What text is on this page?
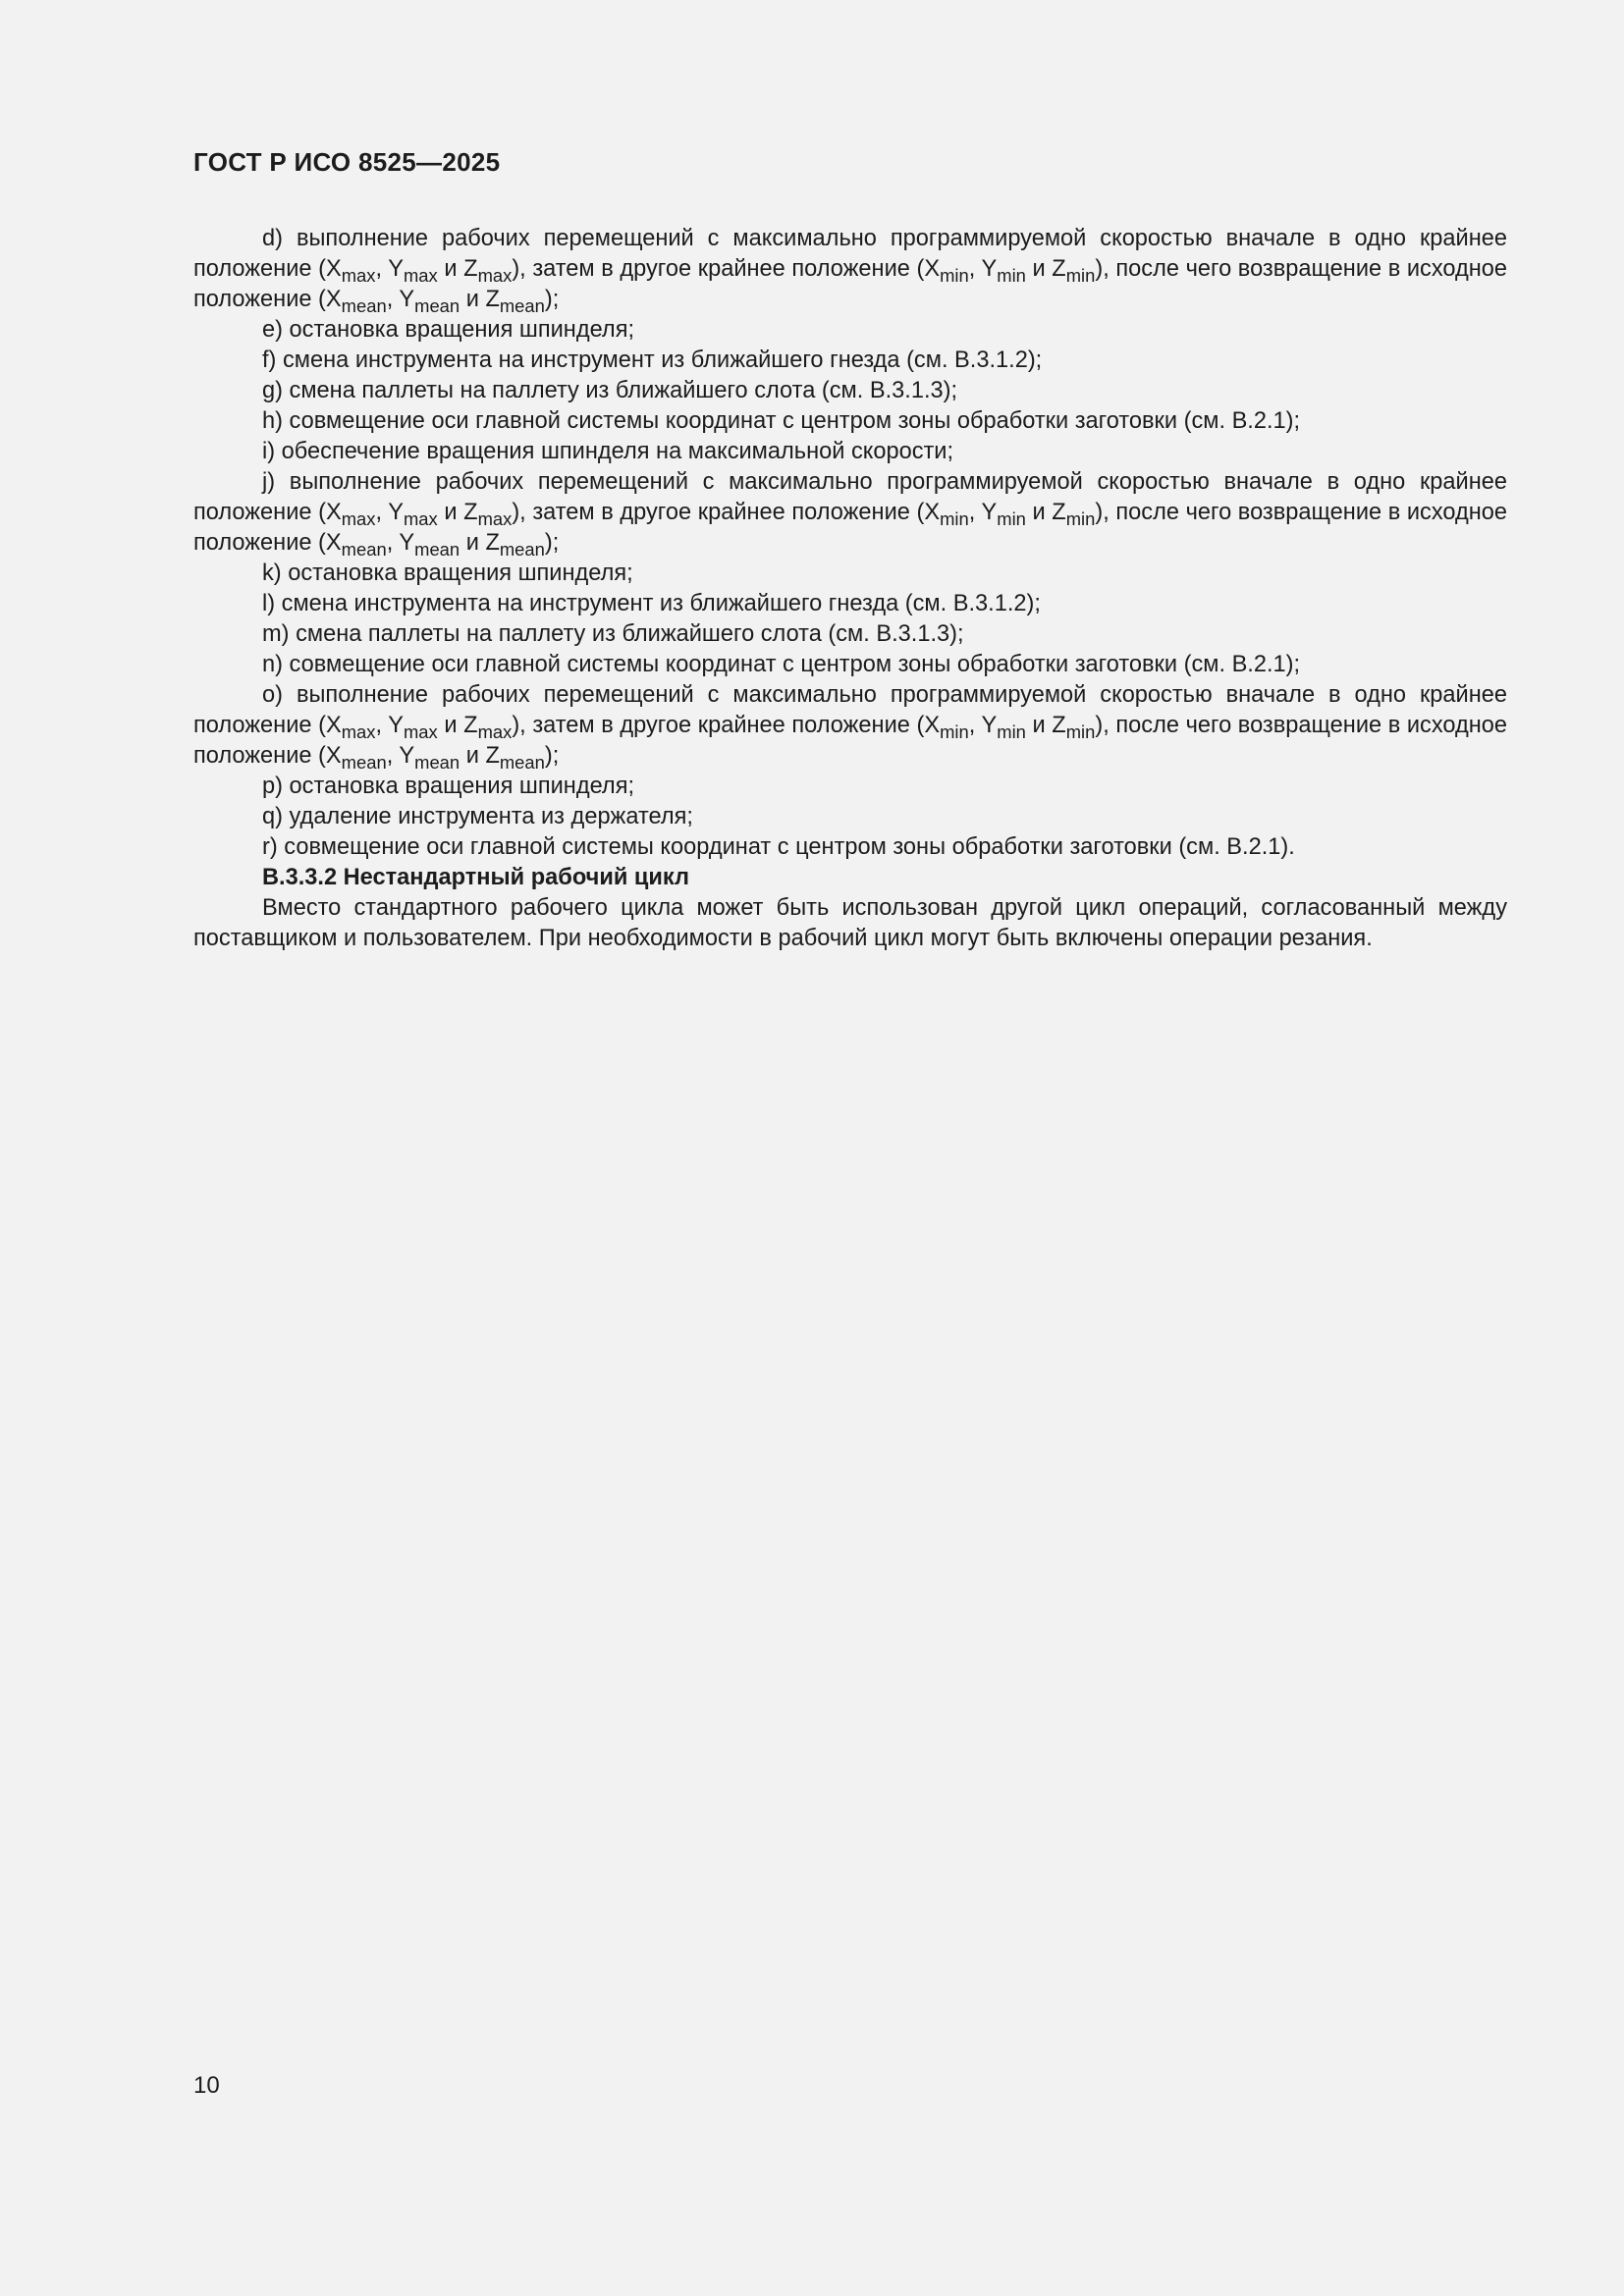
ГОСТ Р ИСО 8525—2025

d) выполнение рабочих перемещений с максимально программируемой скоростью вначале в одно крайнее положение ($X_{max}$, $Y_{max}$ и $Z_{max}$), затем в другое крайнее положение ($X_{min}$, $Y_{min}$ и $Z_{min}$), после чего возвращение в исходное положение ($X_{mean}$, $Y_{mean}$ и $Z_{mean}$);

e) остановка вращения шпинделя;

f) смена инструмента на инструмент из ближайшего гнезда (см. В.3.1.2);

g) смена паллеты на паллету из ближайшего слота (см. В.3.1.3);

h) совмещение оси главной системы координат с центром зоны обработки заготовки (см. В.2.1);

i) обеспечение вращения шпинделя на максимальной скорости;

j) выполнение рабочих перемещений с максимально программируемой скоростью вначале в одно крайнее положение ($X_{max}$, $Y_{max}$ и $Z_{max}$), затем в другое крайнее положение ($X_{min}$, $Y_{min}$ и $Z_{min}$), после чего возвращение в исходное положение ($X_{mean}$, $Y_{mean}$ и $Z_{mean}$);

k) остановка вращения шпинделя;

l) смена инструмента на инструмент из ближайшего гнезда (см. В.3.1.2);

m) смена паллеты на паллету из ближайшего слота (см. В.3.1.3);

n) совмещение оси главной системы координат с центром зоны обработки заготовки (см. В.2.1);

o) выполнение рабочих перемещений с максимально программируемой скоростью вначале в одно крайнее положение ($X_{max}$, $Y_{max}$ и $Z_{max}$), затем в другое крайнее положение ($X_{min}$, $Y_{min}$ и $Z_{min}$), после чего возвращение в исходное положение ($X_{mean}$, $Y_{mean}$ и $Z_{mean}$);

p) остановка вращения шпинделя;

q) удаление инструмента из держателя;

r) совмещение оси главной системы координат с центром зоны обработки заготовки (см. В.2.1).

В.3.3.2 Нестандартный рабочий цикл

Вместо стандартного рабочего цикла может быть использован другой цикл операций, согласованный между поставщиком и пользователем. При необходимости в рабочий цикл могут быть включены операции резания.

10
